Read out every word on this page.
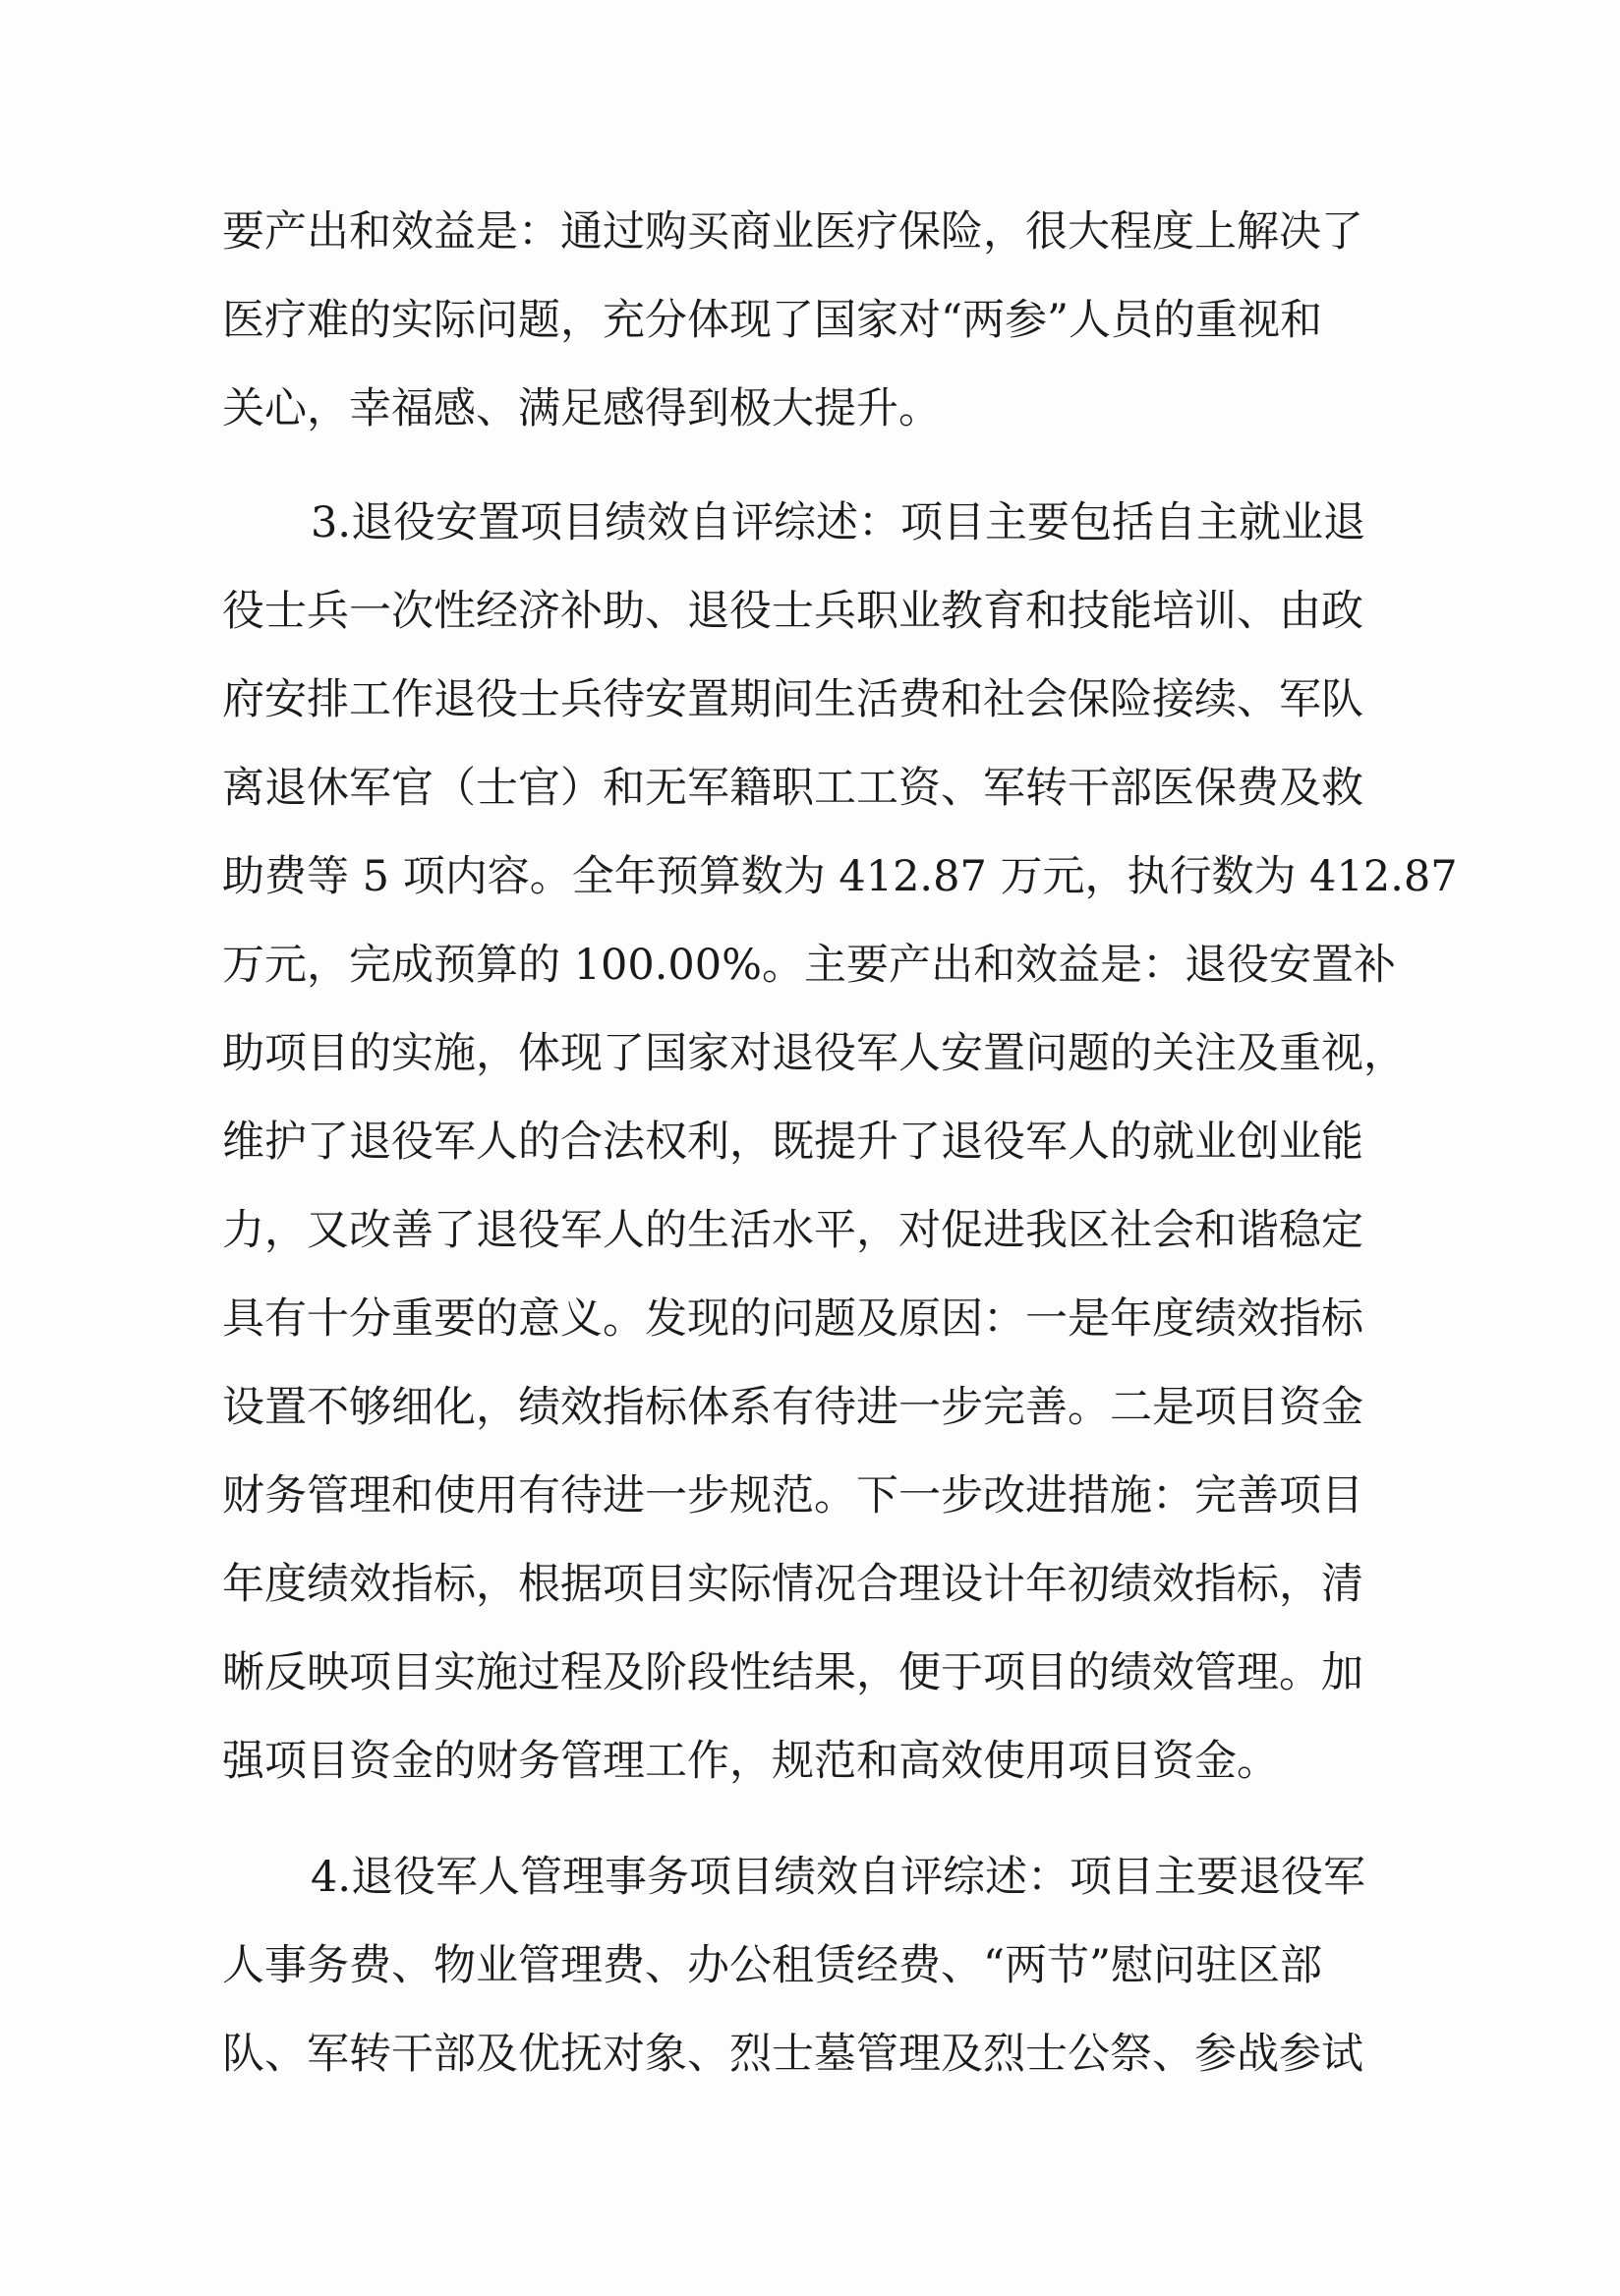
要产出和效益是：通过购买商业医疗保险，很大程度上解决了

医疗难的实际问题，充分体现了国家对“两参”人员的重视和

关心，幸福感、满足感得到极大提升。

3.退役安置项目绩效自评综述：项目主要包括自主就业退

役士兵一次性经济补助、退役士兵职业教育和技能培训、由政

府安排工作退役士兵待安置期间生活费和社会保险接续、军队

离退休军官（士官）和无军籍职工工资、军转干部医保费及救

助费等 5 项内容。全年预算数为 412.87 万元，执行数为 412.87

万元，完成预算的 100.00%。主要产出和效益是：退役安置补

助项目的实施，体现了国家对退役军人安置问题的关注及重视，

维护了退役军人的合法权利，既提升了退役军人的就业创业能

力，又改善了退役军人的生活水平，对促进我区社会和谐稳定

具有十分重要的意义。发现的问题及原因：一是年度绩效指标

设置不够细化，绩效指标体系有待进一步完善。二是项目资金

财务管理和使用有待进一步规范。下一步改进措施：完善项目

年度绩效指标，根据项目实际情况合理设计年初绩效指标，清

晰反映项目实施过程及阶段性结果，便于项目的绩效管理。加

强项目资金的财务管理工作，规范和高效使用项目资金。

4.退役军人管理事务项目绩效自评综述：项目主要退役军

人事务费、物业管理费、办公租赁经费、“两节”慰问驻区部

队、军转干部及优抚对象、烈士墓管理及烈士公祭、参战参试
